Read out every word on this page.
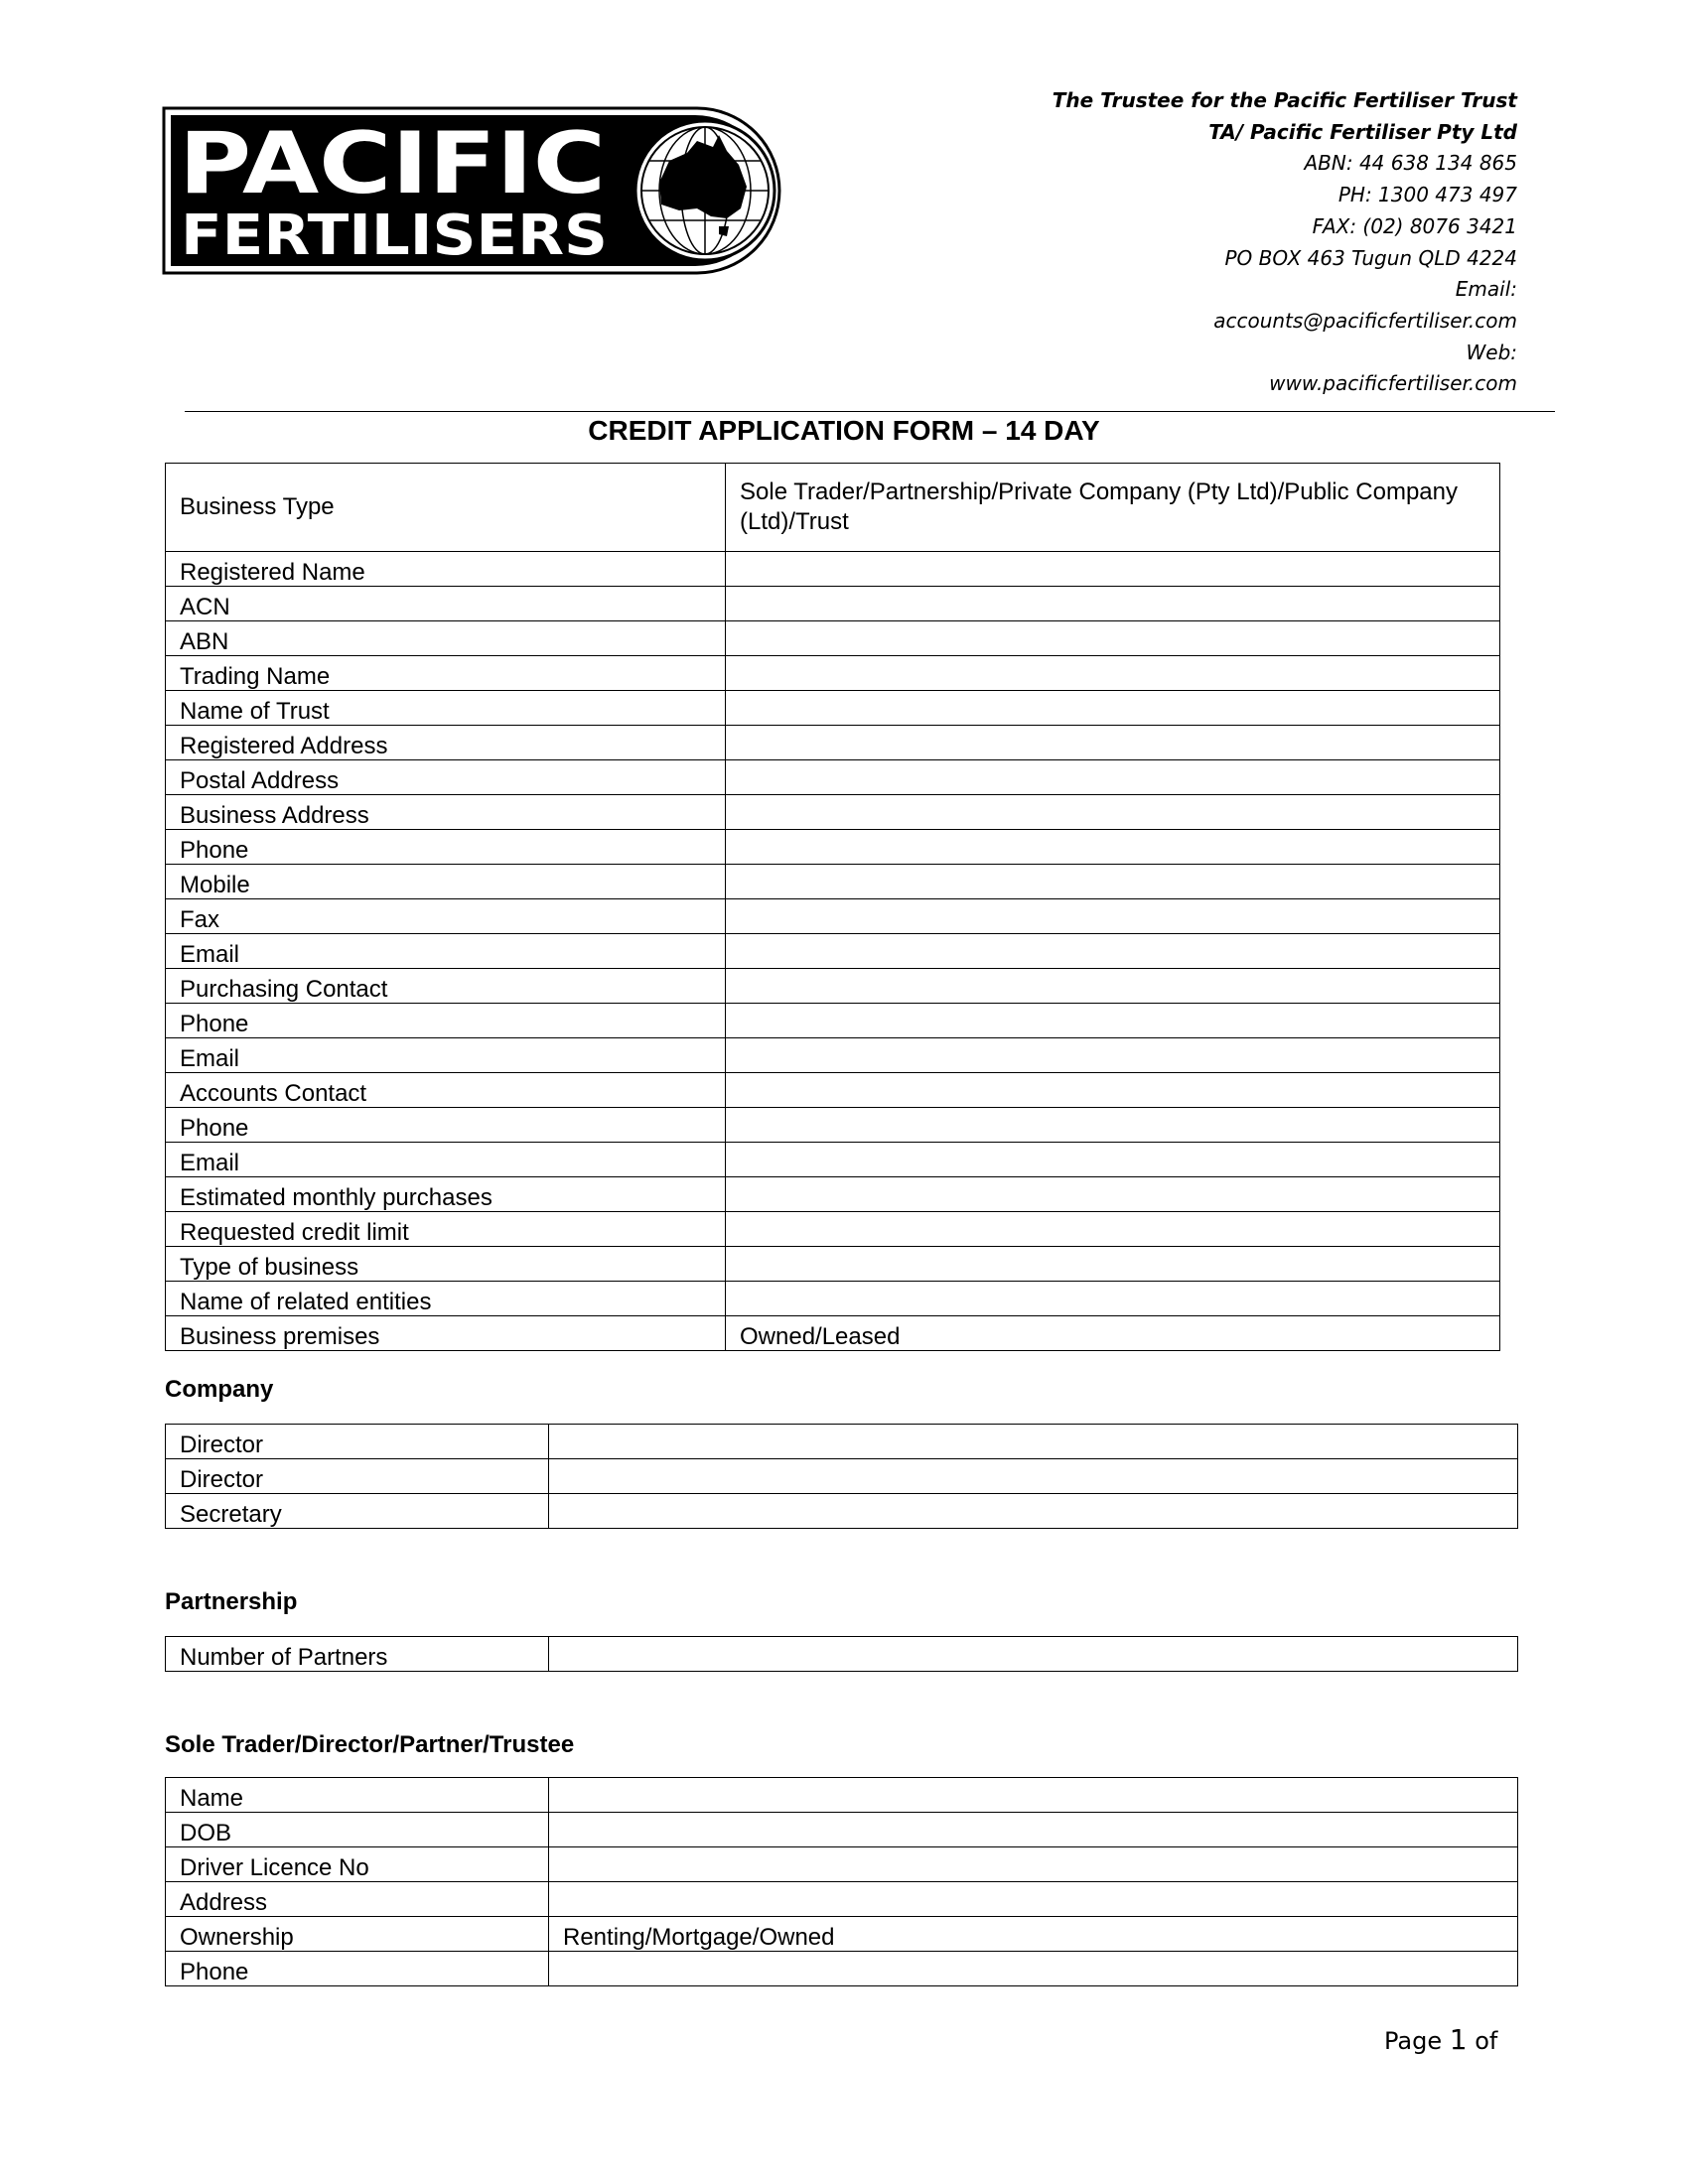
PACIFIC
FERTILISERS
The Trustee for the Pacific Fertiliser Trust
TA/ Pacific Fertiliser Pty Ltd
ABN: 44 638 134 865
PH: 1300 473 497
FAX: (02) 8076 3421
PO BOX 463 Tugun QLD 4224
Email:
accounts@pacificfertiliser.com
Web:
www.pacificfertiliser.com
CREDIT APPLICATION FORM – 14 DAY
Business Type	Sole Trader/Partnership/Private Company (Pty Ltd)/Public Company (Ltd)/Trust
Registered Name	
ACN	
ABN	
Trading Name	
Name of Trust	
Registered Address	
Postal Address	
Business Address	
Phone	
Mobile	
Fax	
Email	
Purchasing Contact	
Phone	
Email	
Accounts Contact	
Phone	
Email	
Estimated monthly purchases	
Requested credit limit	
Type of business	
Name of related entities	
Business premises	Owned/Leased
Company
Director	
Director	
Secretary	
Partnership
Number of Partners	
Sole Trader/Director/Partner/Trustee
Name	
DOB	
Driver Licence No	
Address	
Ownership	Renting/Mortgage/Owned
Phone	
Page 1 of
